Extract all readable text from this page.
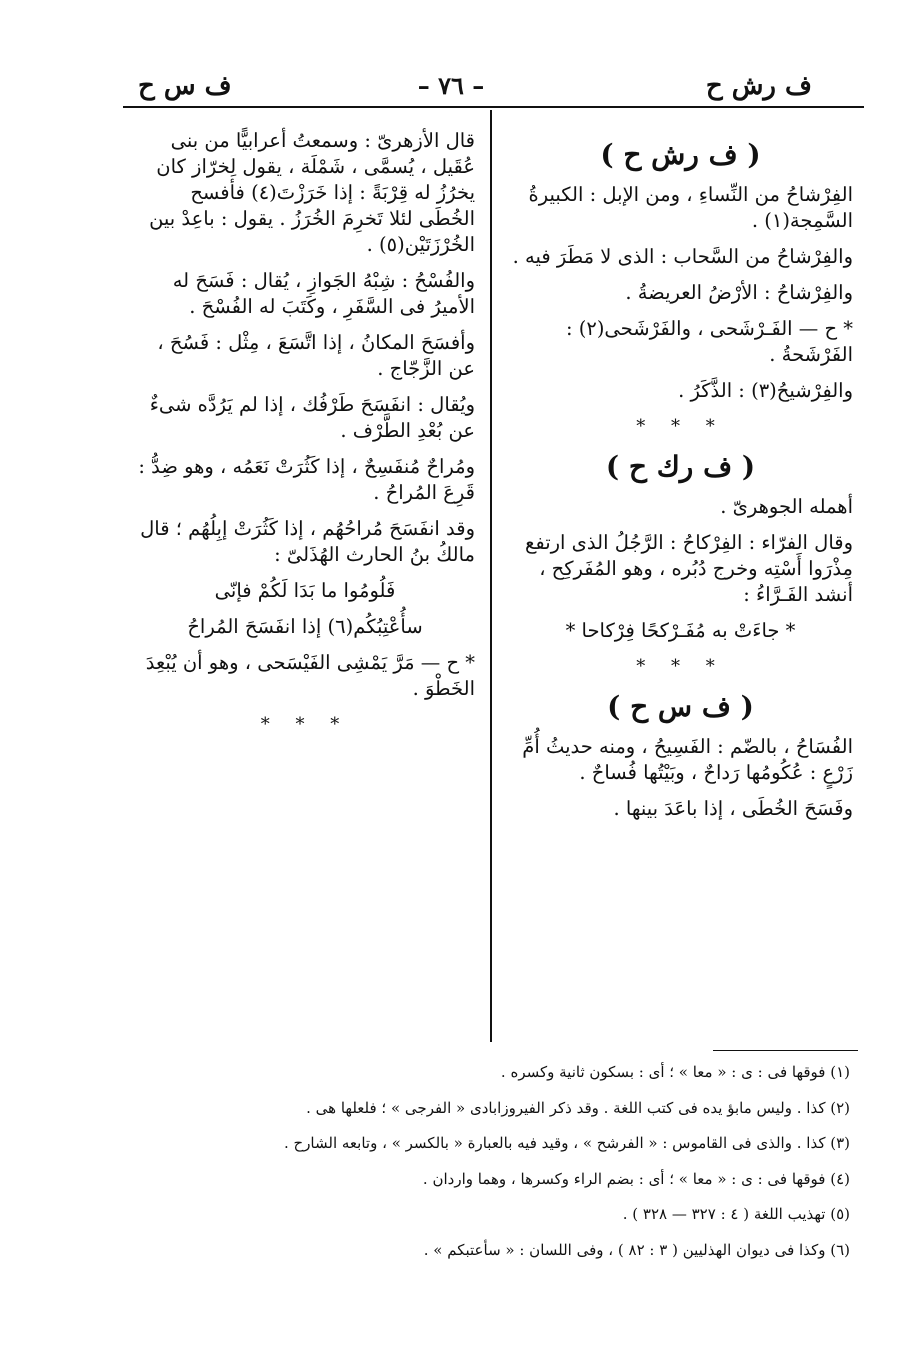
ف رش ح
– ٧٦ –
ف س ح

( ف رش ح )

الفِرْشاحُ من النِّساءِ ، ومن الإبل : الكبيرةُ السَّمِجة(١) .

والفِرْشاحُ من السَّحاب : الذى لا مَطَرَ فيه .

والفِرْشاحُ : الأرْضُ العريضةُ .

* ح — الفَـرْشَحى ، والفَرْشَحى(٢) : الفَرْشَحةُ .

والفِرْشيحُ(٣) : الذَّكَرُ .

* * *

( ف رك ح )

أهمله الجوهرىّ .

وقال الفرّاء : الفِرْكاحُ : الرَّجُلُ الذى ارتفع مِذْرَوا أَسْتِه وخرج دُبُره ، وهو المُفَركِح ، أنشد الفَـرَّاءُ :

* جاءَتْ به مُفَـرْكحًا فِرْكاحا *

* * *

( ف س ح )

الفُسَاحُ ، بالضّم : الفَسِيحُ ، ومنه حديثُ أُمِّ زَرْعٍ : عُكُومُها رَداحٌ ، وبَيْتُها فُساحٌ .

وفَسَحَ الخُطَى ، إذا باعَدَ بينها .

قال الأزهرىّ : وسمعتُ أعرابيًّا من بنى عُقَيل ، يُسمَّى ، شَمْلَة ، يقول لِخرّاز كان يخرُزُ له قِرْبَةً : إذا خَرَزْتَ(٤) فأفسح الخُطَى لئلا تَخرِمَ الخُرَزُ . يقول : باعِدْ بين الخُرْزَتَيْن(٥) .

والفُسْحُ : شِبْهُ الجَوازِ ، يُقال : فَسَحَ له الأميرُ فى السَّفَرِ ، وكَتَبَ له الفُسْحَ .

وأفسَحَ المكانُ ، إذا اتَّسَعَ ، مِثْل : فَسُحَ ، عن الزَّجّاج .

ويُقال : انفَسَحَ طَرْفُك ، إذا لم يَرُدَّه شىءٌ عن بُعْدِ الطَّرْف .

ومُراحٌ مُنفَسِحٌ ، إذا كَثُرَتْ نَعَمُه ، وهو ضِدُّ : قَرِعَ المُراحُ .

وقد انفَسَحَ مُراحُهُم ، إذا كَثُرَتْ إبِلُهُم ؛ قال مالكُ بنُ الحارث الهُذَلىّ :

فَلُومُوا ما بَدَا لَكُمْ فإنّى

سأُعْتِبُكُم(٦) إذا انفَسَحَ المُراحُ

* ح — مَرَّ يَمْشِى الفَيْسَحى ، وهو أن يُبْعِدَ الخَطْوَ .

* * *

(١) فوقها فى : ى : « معا » ؛ أى : بسكون ثانية وكسره .
(٢) كذا . وليس مابؤ يده فى كتب اللغة . وقد ذكر الفيروزابادى « الفرجى » ؛ فلعلها هى .
(٣) كذا . والذى فى القاموس : « الفرشح » ، وقيد فيه بالعبارة « بالكسر » ، وتابعه الشارح .
(٤) فوقها فى : ى : « معا » ؛ أى : بضم الراء وكسرها ، وهما واردان .
(٥) تهذيب اللغة ( ٤ : ٣٢٧ — ٣٢٨ ) .
(٦) وكذا فى ديوان الهذليين ( ٣ : ٨٢ ) ، وفى اللسان : « سأعتبكم » .
